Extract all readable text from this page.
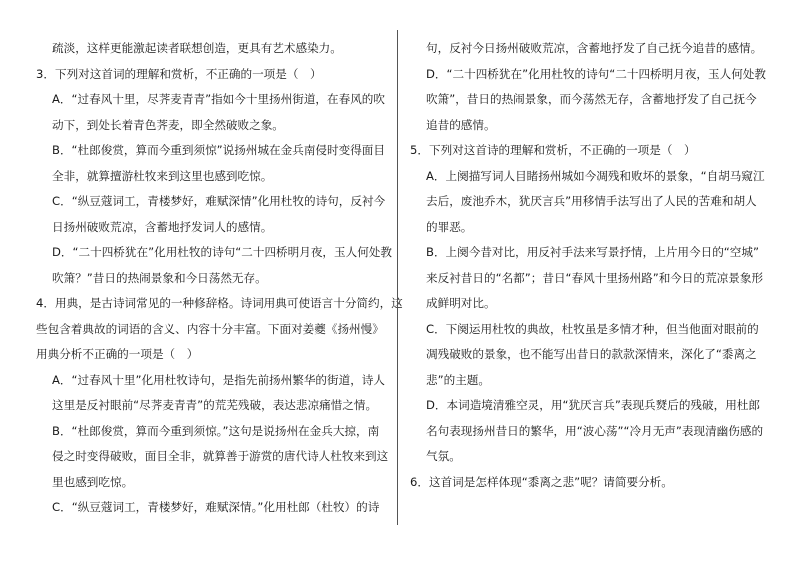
疏淡，这样更能激起读者联想创造，更具有艺术感染力。

3．下列对这首词的理解和赏析，不正确的一项是（　）

A．“过春风十里，尽荠麦青青”指如今十里扬州街道，在春风的吹

动下，到处长着青色荠麦，即全然破败之象。

B．“杜郎俊赏，算而今重到须惊”说扬州城在金兵南侵时变得面目

全非，就算擅游杜牧来到这里也感到吃惊。

C．“纵豆蔻词工，青楼梦好，难赋深情”化用杜牧的诗句，反衬今

日扬州破败荒凉，含蓄地抒发词人的感情。

D．“二十四桥犹在”化用杜牧的诗句“二十四桥明月夜，玉人何处教

吹箫？”昔日的热闹景象和今日荡然无存。

4．用典，是古诗词常见的一种修辞格。诗词用典可使语言十分简约，这

些包含着典故的词语的含义、内容十分丰富。下面对姜夔《扬州慢》

用典分析不正确的一项是（　）

A．“过春风十里”化用杜牧诗句，是指先前扬州繁华的街道，诗人

这里是反衬眼前“尽荠麦青青”的荒芜残破，表达悲凉痛惜之情。

B．“杜郎俊赏，算而今重到须惊。”这句是说扬州在金兵大掠，南

侵之时变得破败，面目全非，就算善于游赏的唐代诗人杜牧来到这

里也感到吃惊。

C．“纵豆蔻词工，青楼梦好，难赋深情。”化用杜郎（杜牧）的诗

句，反衬今日扬州破败荒凉，含蓄地抒发了自己抚今追昔的感情。

D．“二十四桥犹在”化用杜牧的诗句“二十四桥明月夜，玉人何处教

吹箫”，昔日的热闹景象，而今荡然无存，含蓄地抒发了自己抚今

追昔的感情。

5．下列对这首诗的理解和赏析，不正确的一项是（　）

A．上阕描写词人目睹扬州城如今凋残和败坏的景象，“自胡马窥江

去后，废池乔木，犹厌言兵”用移情手法写出了人民的苦难和胡人

的罪恶。

B．上阕今昔对比，用反衬手法来写景抒情，上片用今日的“空城”

来反衬昔日的“名都”；昔日“春风十里扬州路”和今日的荒凉景象形

成鲜明对比。

C．下阕运用杜牧的典故，杜牧虽是多情才种，但当他面对眼前的

凋残破败的景象，也不能写出昔日的款款深情来，深化了“黍离之

悲”的主题。

D．本词造境清雅空灵，用“犹厌言兵”表现兵燹后的残破，用杜郎

名句表现扬州昔日的繁华，用“波心荡”“冷月无声”表现清幽伤感的

气氛。

6．这首词是怎样体现“黍离之悲”呢？请简要分析。
